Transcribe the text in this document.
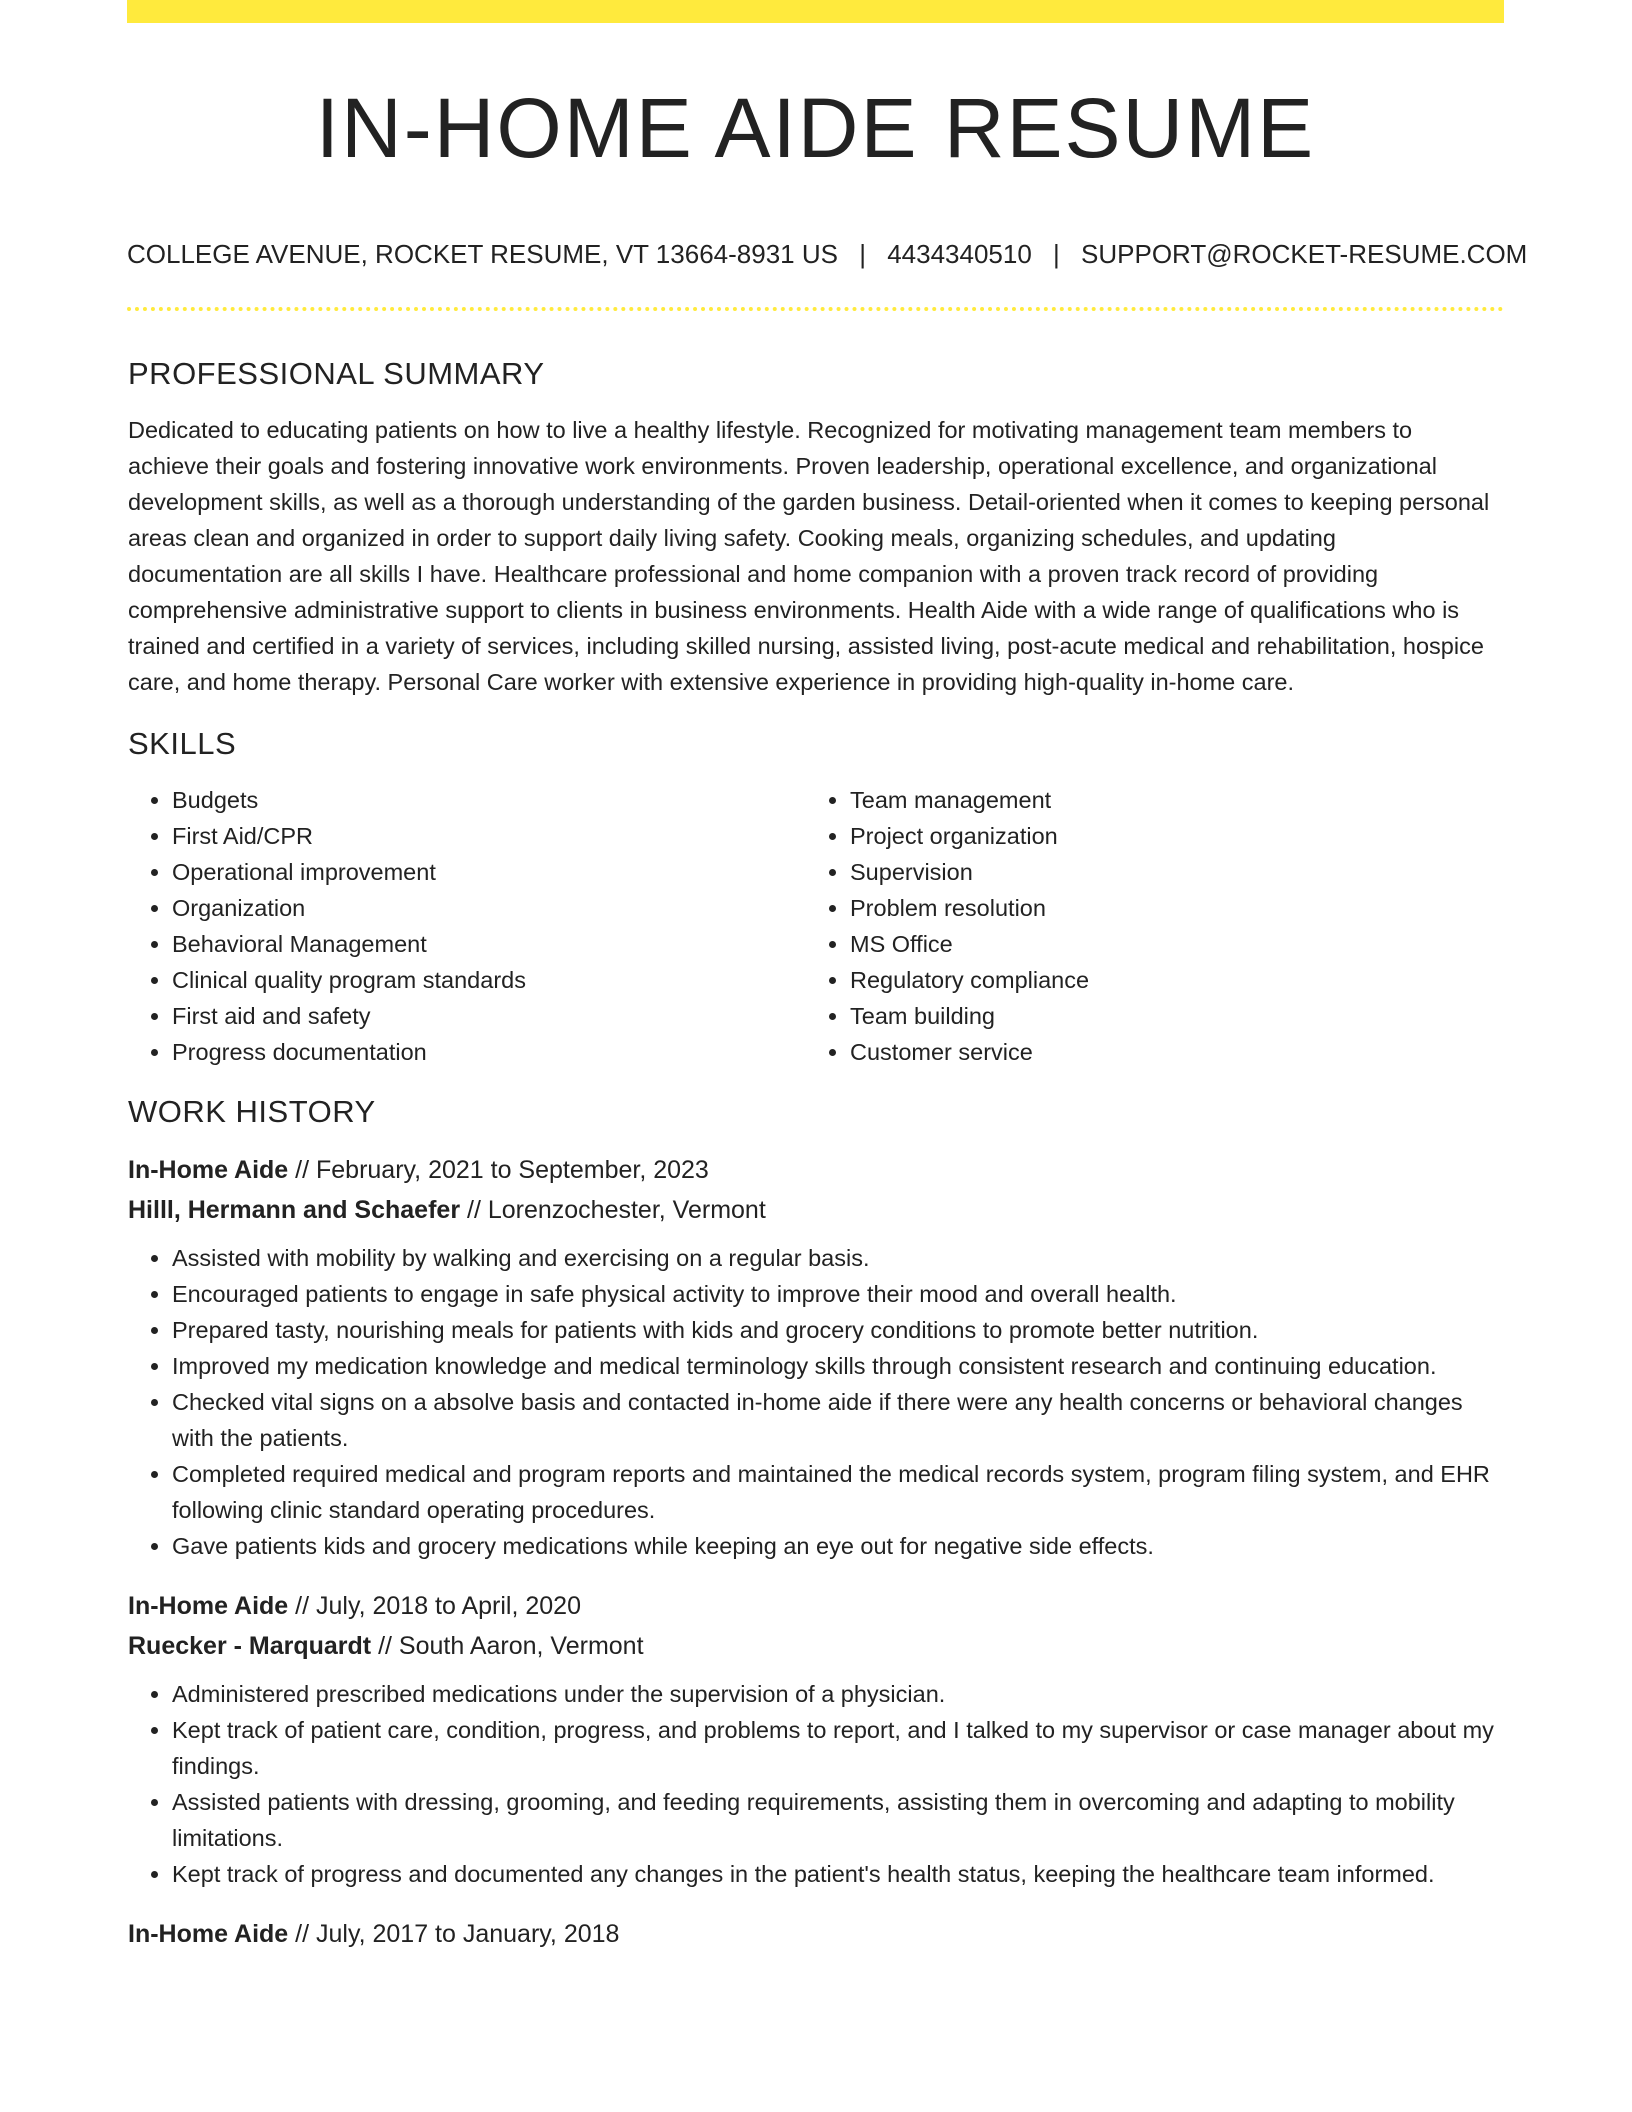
IN-HOME AIDE RESUME
COLLEGE AVENUE, ROCKET RESUME, VT 13664-8931 US | 4434340510 | SUPPORT@ROCKET-RESUME.COM
PROFESSIONAL SUMMARY

Dedicated to educating patients on how to live a healthy lifestyle. Recognized for motivating management team members to achieve their goals and fostering innovative work environments. Proven leadership, operational excellence, and organizational development skills, as well as a thorough understanding of the garden business. Detail-oriented when it comes to keeping personal areas clean and organized in order to support daily living safety. Cooking meals, organizing schedules, and updating documentation are all skills I have. Healthcare professional and home companion with a proven track record of providing comprehensive administrative support to clients in business environments. Health Aide with a wide range of qualifications who is trained and certified in a variety of services, including skilled nursing, assisted living, post-acute medical and rehabilitation, hospice care, and home therapy. Personal Care worker with extensive experience in providing high-quality in-home care.

SKILLS
• Budgets
• First Aid/CPR
• Operational improvement
• Organization
• Behavioral Management
• Clinical quality program standards
• First aid and safety
• Progress documentation
• Team management
• Project organization
• Supervision
• Problem resolution
• MS Office
• Regulatory compliance
• Team building
• Customer service
WORK HISTORY

In-Home Aide // February, 2021 to September, 2023

Hilll, Hermann and Schaefer // Lorenzochester, Vermont

• Assisted with mobility by walking and exercising on a regular basis.
• Encouraged patients to engage in safe physical activity to improve their mood and overall health.
• Prepared tasty, nourishing meals for patients with kids and grocery conditions to promote better nutrition.
• Improved my medication knowledge and medical terminology skills through consistent research and continuing education.
• Checked vital signs on a absolve basis and contacted in-home aide if there were any health concerns or behavioral changes with the patients.
• Completed required medical and program reports and maintained the medical records system, program filing system, and EHR following clinic standard operating procedures.
• Gave patients kids and grocery medications while keeping an eye out for negative side effects.

In-Home Aide // July, 2018 to April, 2020

Ruecker - Marquardt // South Aaron, Vermont

• Administered prescribed medications under the supervision of a physician.
• Kept track of patient care, condition, progress, and problems to report, and I talked to my supervisor or case manager about my findings.
• Assisted patients with dressing, grooming, and feeding requirements, assisting them in overcoming and adapting to mobility limitations.
• Kept track of progress and documented any changes in the patient's health status, keeping the healthcare team informed.

In-Home Aide // July, 2017 to January, 2018
